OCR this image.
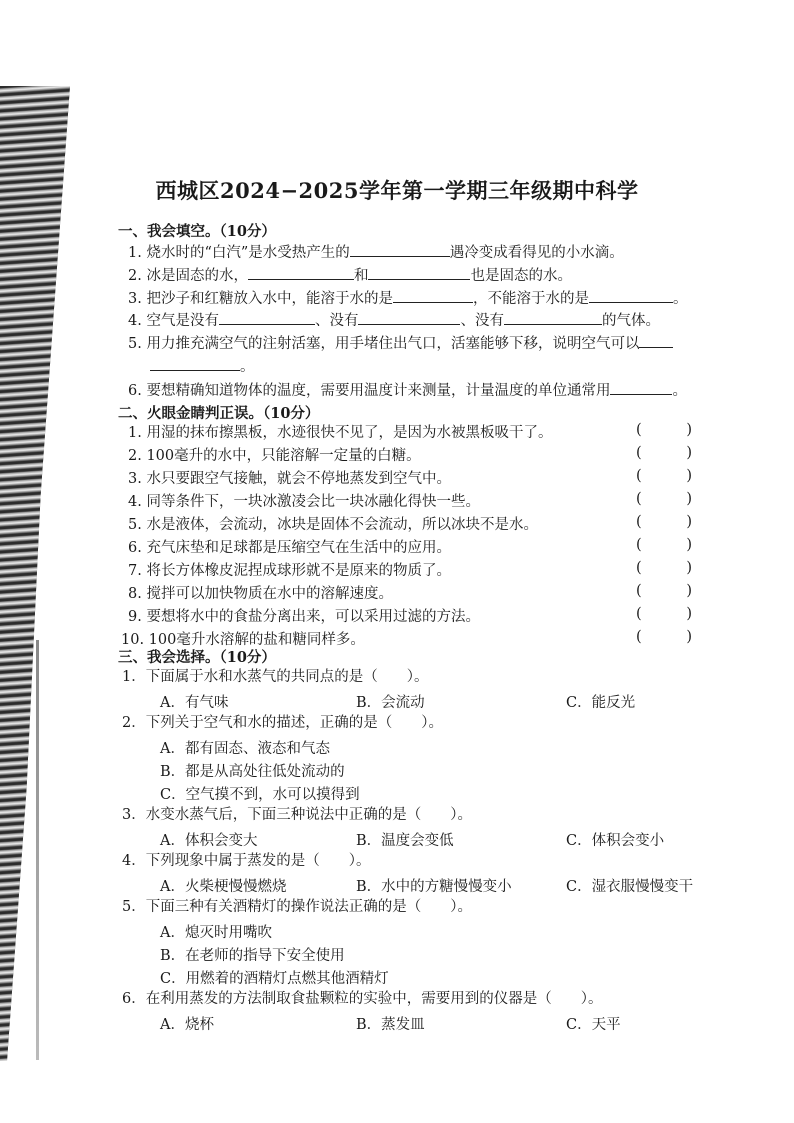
西城区2024−2025学年第一学期三年级期中科学
一、我会填空。（10分）
1. 烧水时的“白汽”是水受热产生的	遇冷变成看得见的小水滴。
2. 冰是固态的水，	和	也是固态的水。
3. 把沙子和红糖放入水中，能溶于水的是	，不能溶于水的是	。
4. 空气是没有	、没有	、没有	的气体。
5. 用力推充满空气的注射活塞，用手堵住出气口，活塞能够下移，说明空气可以
。
6. 要想精确知道物体的温度，需要用温度计来测量，计量温度的单位通常用	。
二、火眼金睛判正误。（10分）
1. 用湿的抹布擦黑板，水迹很快不见了，是因为水被黑板吸干了。	(	)
2. 100毫升的水中，只能溶解一定量的白糖。	(	)
3. 水只要跟空气接触，就会不停地蒸发到空气中。	(	)
4. 同等条件下，一块冰激凌会比一块冰融化得快一些。	(	)
5. 水是液体，会流动，冰块是固体不会流动，所以冰块不是水。	(	)
6. 充气床垫和足球都是压缩空气在生活中的应用。	(	)
7. 将长方体橡皮泥捏成球形就不是原来的物质了。	(	)
8. 搅拌可以加快物质在水中的溶解速度。	(	)
9. 要想将水中的食盐分离出来，可以采用过滤的方法。	(	)
10. 100毫升水溶解的盐和糖同样多。	(	)
三、我会选择。（10分）
1．下面属于水和水蒸气的共同点的是（　　）。
A．有气味	B．会流动	C．能反光
2．下列关于空气和水的描述，正确的是（　　）。
A．都有固态、液态和气态
B．都是从高处往低处流动的
C．空气摸不到，水可以摸得到
3．水变水蒸气后，下面三种说法中正确的是（　　）。
A．体积会变大	B．温度会变低	C．体积会变小
4．下列现象中属于蒸发的是（　　）。
A．火柴梗慢慢燃烧	B．水中的方糖慢慢变小	C．湿衣服慢慢变干
5．下面三种有关酒精灯的操作说法正确的是（　　）。
A．熄灭时用嘴吹
B．在老师的指导下安全使用
C．用燃着的酒精灯点燃其他酒精灯
6．在利用蒸发的方法制取食盐颗粒的实验中，需要用到的仪器是（　　）。
A．烧杯	B．蒸发皿	C．天平
